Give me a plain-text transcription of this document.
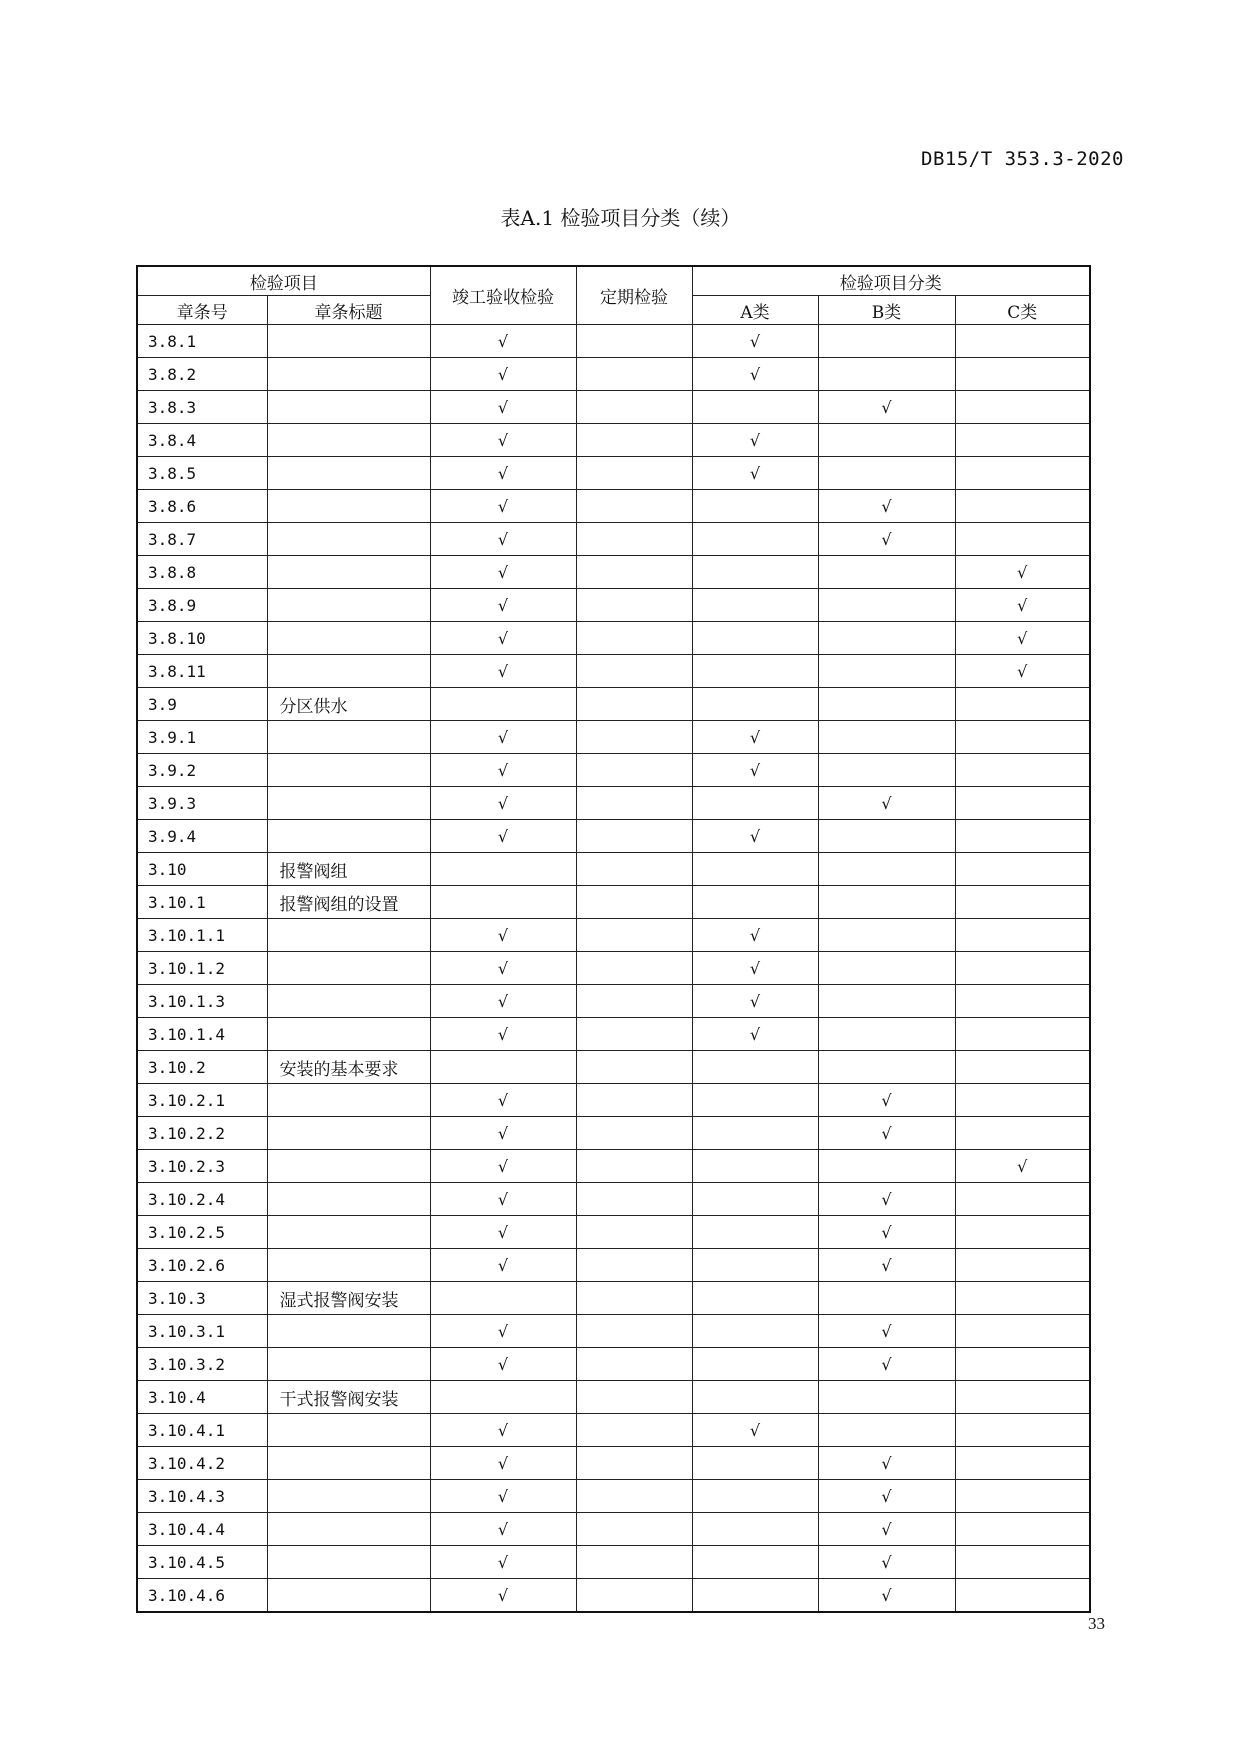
DB15/T 353.3-2020
表A.1 检验项目分类（续）
检验项目		竣工验收检验	定期检验	检验项目分类		
章条号	章条标题			A类	B类	C类
3.8.1		√		√		
3.8.2		√		√		
3.8.3		√			√	
3.8.4		√		√		
3.8.5		√		√		
3.8.6		√			√	
3.8.7		√			√	
3.8.8		√				√
3.8.9		√				√
3.8.10		√				√
3.8.11		√				√
3.9	分区供水					
3.9.1		√		√		
3.9.2		√		√		
3.9.3		√			√	
3.9.4		√		√		
3.10	报警阀组					
3.10.1	报警阀组的设置					
3.10.1.1		√		√		
3.10.1.2		√		√		
3.10.1.3		√		√		
3.10.1.4		√		√		
3.10.2	安装的基本要求					
3.10.2.1		√			√	
3.10.2.2		√			√	
3.10.2.3		√				√
3.10.2.4		√			√	
3.10.2.5		√			√	
3.10.2.6		√			√	
3.10.3	湿式报警阀安装					
3.10.3.1		√			√	
3.10.3.2		√			√	
3.10.4	干式报警阀安装					
3.10.4.1		√		√		
3.10.4.2		√			√	
3.10.4.3		√			√	
3.10.4.4		√			√	
3.10.4.5		√			√	
3.10.4.6		√			√	
33
